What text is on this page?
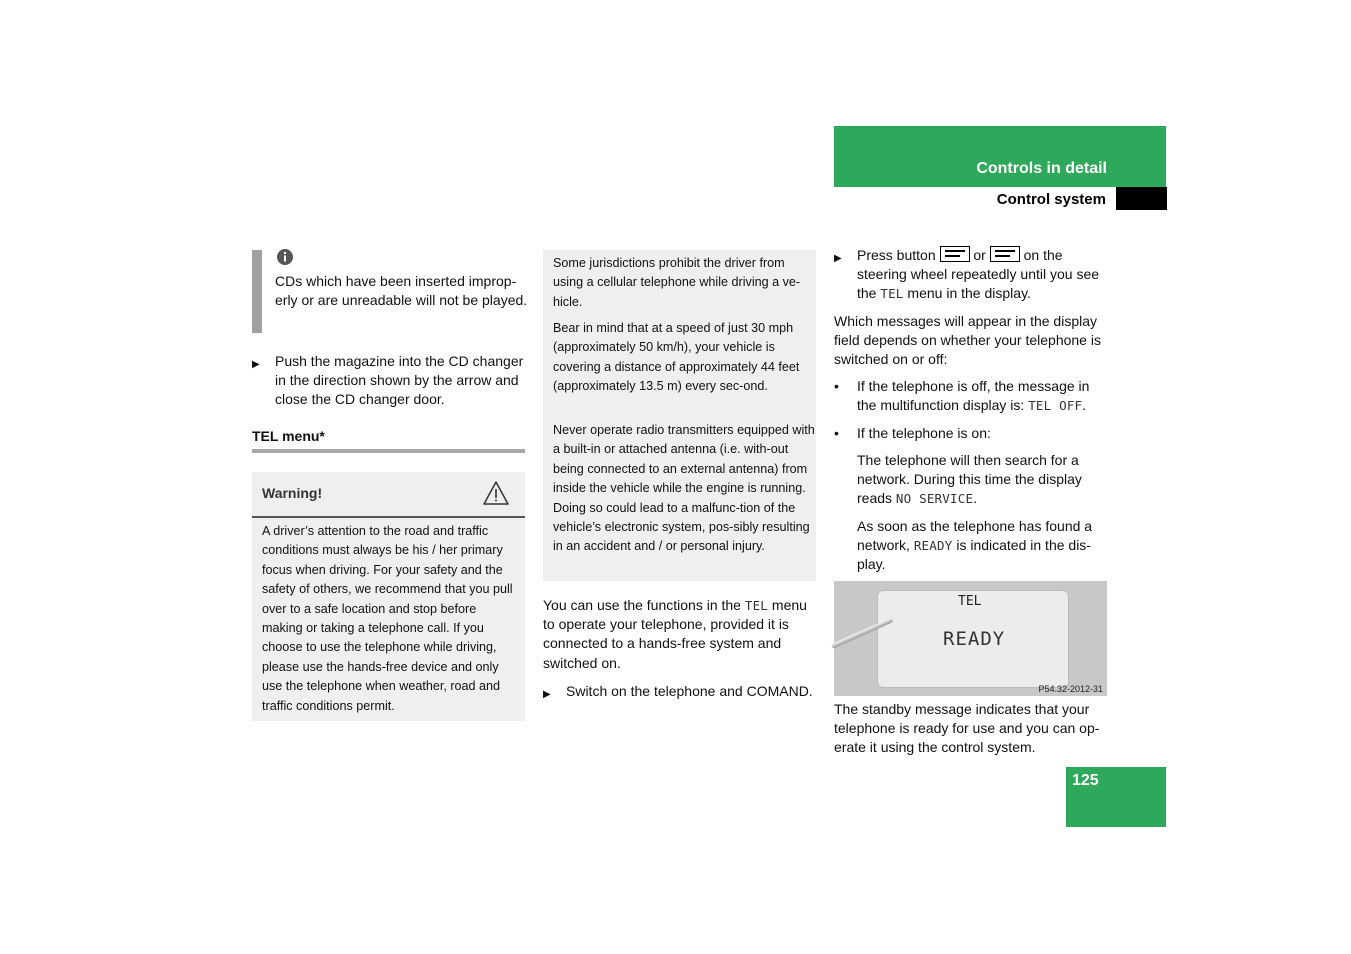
Controls in detail
Control system
CDs which have been inserted improp-erly or are unreadable will not be played.
▶ Push the magazine into the CD changer in the direction shown by the arrow and close the CD changer door.
TEL menu*
Warning!
A driver’s attention to the road and traffic conditions must always be his / her primary focus when driving. For your safety and the safety of others, we recommend that you pull over to a safe location and stop before making or taking a telephone call. If you choose to use the telephone while driving, please use the hands-free device and only use the telephone when weather, road and traffic conditions permit.
Some jurisdictions prohibit the driver from using a cellular telephone while driving a ve-hicle.
Bear in mind that at a speed of just 30 mph (approximately 50 km/h), your vehicle is covering a distance of approximately 44 feet (approximately 13.5 m) every sec-ond.
Never operate radio transmitters equipped with a built-in or attached antenna (i.e. with-out being connected to an external antenna) from inside the vehicle while the engine is running. Doing so could lead to a malfunc-tion of the vehicle’s electronic system, pos-sibly resulting in an accident and / or personal injury.
You can use the functions in the TEL menu to operate your telephone, provided it is connected to a hands-free system and switched on.
▶ Switch on the telephone and COMAND.
▶ Press button  or  on the steering wheel repeatedly until you see the TEL menu in the display.
Which messages will appear in the display field depends on whether your telephone is switched on or off:
• If the telephone is off, the message in the multifunction display is: TEL OFF.
• If the telephone is on:
The telephone will then search for a network. During this time the display reads NO SERVICE.
As soon as the telephone has found a network, READY is indicated in the dis-play.
TEL
READY
P54.32-2012-31
The standby message indicates that your telephone is ready for use and you can op-erate it using the control system.
125
